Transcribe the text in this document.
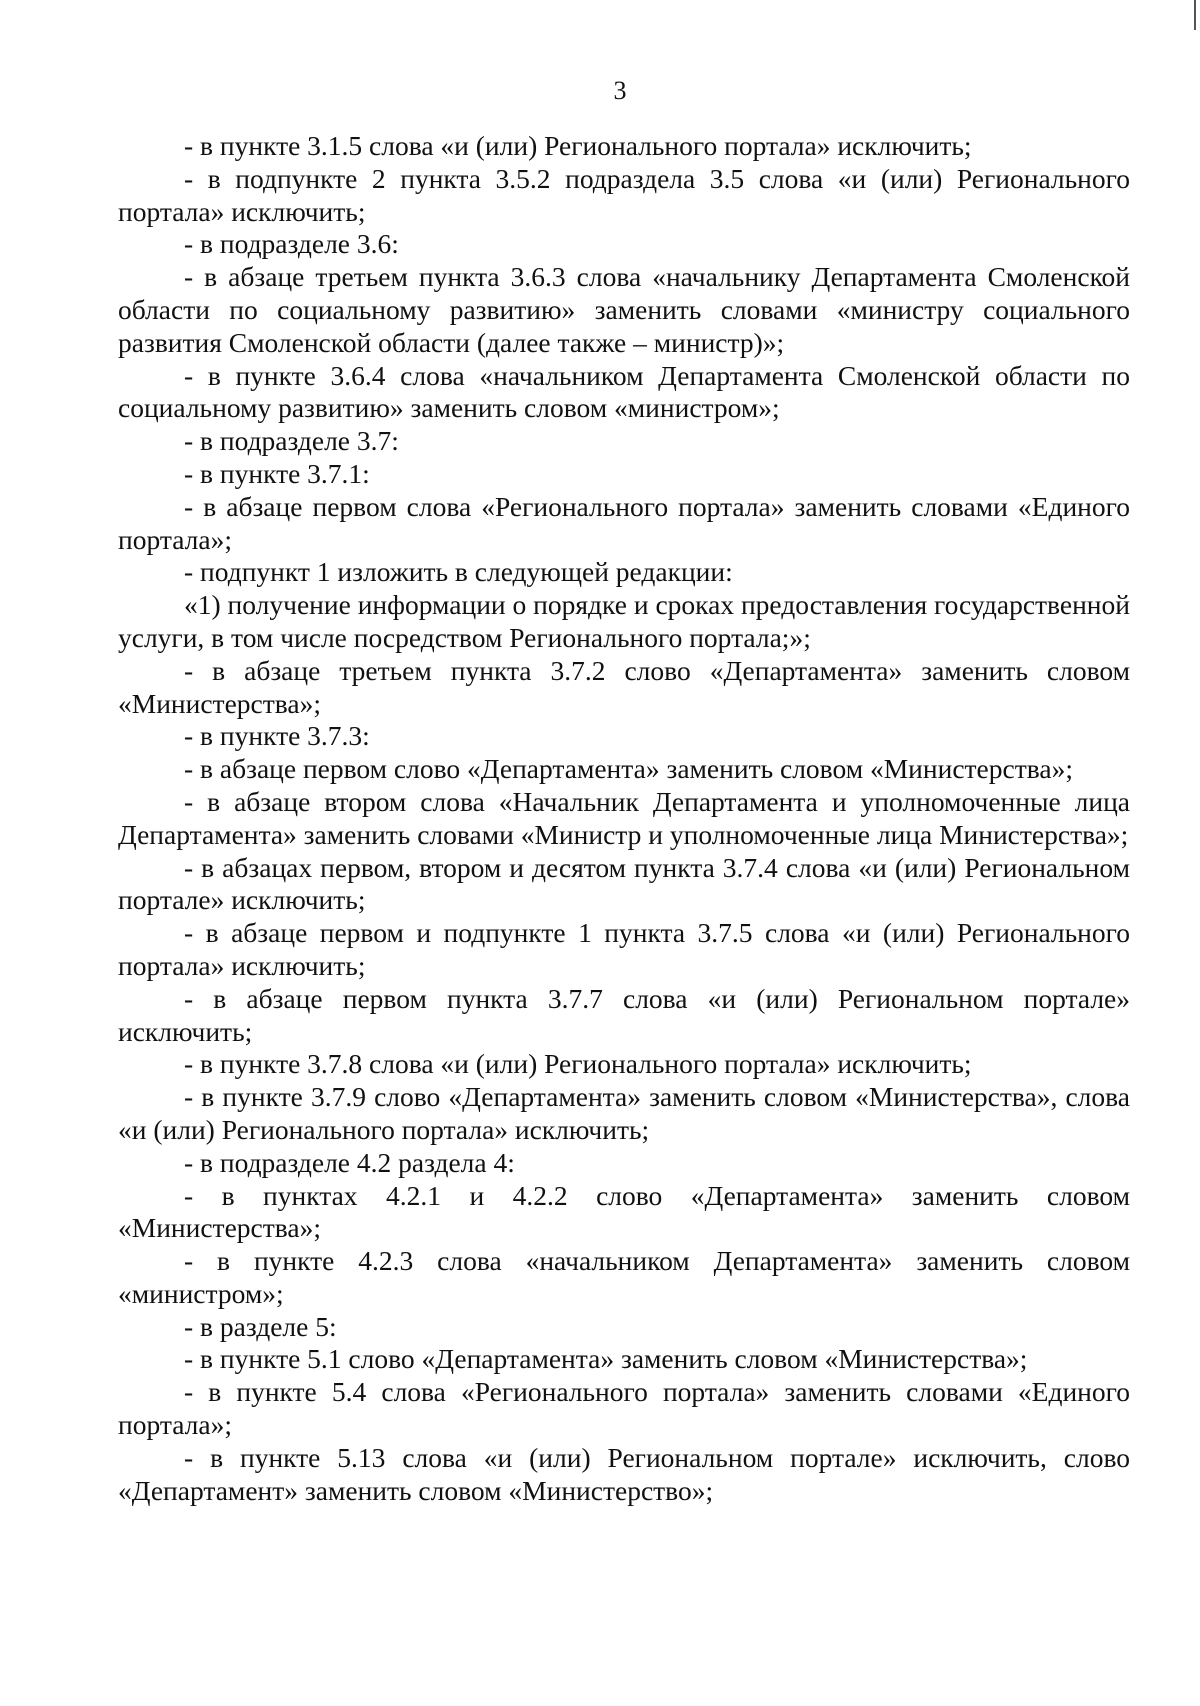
3

- в пункте 3.1.5 слова «и (или) Регионального портала» исключить;

- в подпункте 2 пункта 3.5.2 подраздела 3.5 слова «и (или) Регионального портала» исключить;

- в подразделе 3.6:

- в абзаце третьем пункта 3.6.3 слова «начальнику Департамента Смоленской области по социальному развитию» заменить словами «министру социального развития Смоленской области (далее также – министр)»;

- в пункте 3.6.4 слова «начальником Департамента Смоленской области по социальному развитию» заменить словом «министром»;

- в подразделе 3.7:

- в пункте 3.7.1:

- в абзаце первом слова «Регионального портала» заменить словами «Единого портала»;

- подпункт 1 изложить в следующей редакции:

«1) получение информации о порядке и сроках предоставления государственной услуги, в том числе посредством Регионального портала;»;

- в абзаце третьем пункта 3.7.2 слово «Департамента» заменить словом «Министерства»;

- в пункте 3.7.3:

- в абзаце первом слово «Департамента» заменить словом «Министерства»;

- в абзаце втором слова «Начальник Департамента и уполномоченные лица Департамента» заменить словами «Министр и уполномоченные лица Министерства»;

- в абзацах первом, втором и десятом пункта 3.7.4 слова «и (или) Региональном портале» исключить;

- в абзаце первом и подпункте 1 пункта 3.7.5 слова «и (или) Регионального портала» исключить;

- в абзаце первом пункта 3.7.7 слова «и (или) Региональном портале» исключить;

- в пункте 3.7.8 слова «и (или) Регионального портала» исключить;

- в пункте 3.7.9 слово «Департамента» заменить словом «Министерства», слова «и (или) Регионального портала» исключить;

- в подразделе 4.2 раздела 4:

- в пунктах 4.2.1 и 4.2.2 слово «Департамента» заменить словом «Министерства»;

- в пункте 4.2.3 слова «начальником Департамента» заменить словом «министром»;

- в разделе 5:

- в пункте 5.1 слово «Департамента» заменить словом «Министерства»;

- в пункте 5.4 слова «Регионального портала» заменить словами «Единого портала»;

- в пункте 5.13 слова «и (или) Региональном портале» исключить, слово «Департамент» заменить словом «Министерство»;
